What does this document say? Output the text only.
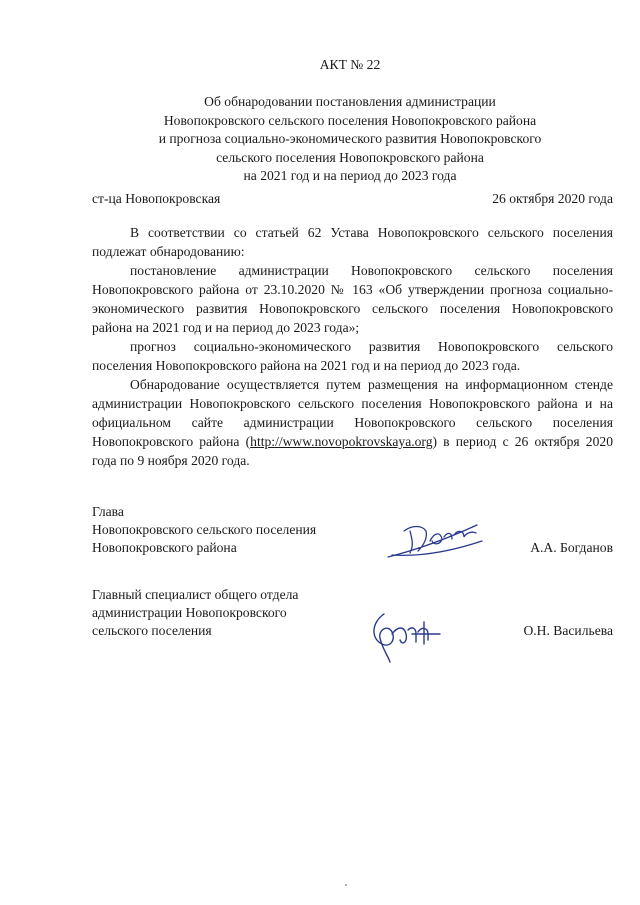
АКТ № 22
Об обнародовании постановления администрации
Новопокровского сельского поселения Новопокровского района
и прогноза социально-экономического развития Новопокровского
сельского поселения Новопокровского района
на 2021 год и на период до 2023 года
ст-ца Новопокровская	26 октября 2020 года

В соответствии со статьей 62 Устава Новопокровского сельского поселения подлежат обнародованию:

постановление администрации Новопокровского сельского поселения Новопокровского района от 23.10.2020 № 163 «Об утверждении прогноза социально-экономического развития Новопокровского сельского поселения Новопокровского района на 2021 год и на период до 2023 года»;

прогноз социально-экономического развития Новопокровского сельского поселения Новопокровского района на 2021 год и на период до 2023 года.

Обнародование осуществляется путем размещения на информационном стенде администрации Новопокровского сельского поселения Новопокровского района и на официальном сайте администрации Новопокровского сельского поселения Новопокровского района (http://www.novopokrovskaya.org) в период с 26 октября 2020 года по 9 ноября 2020 года.

Глава
Новопокровского сельского поселения
Новопокровского района	А.А. Богданов
Главный специалист общего отдела
администрации Новопокровского
сельского поселения	О.Н. Васильева
